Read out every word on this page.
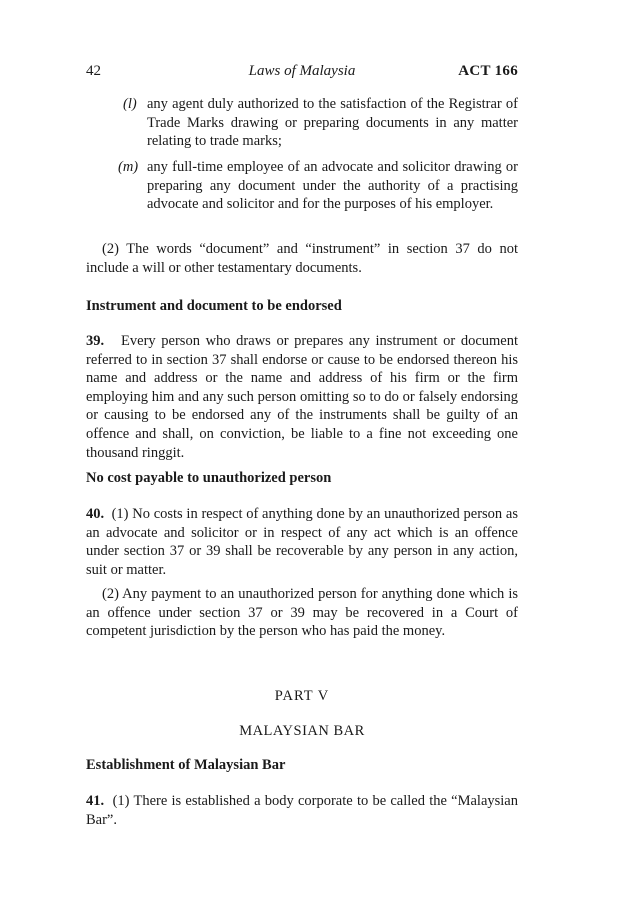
42	Laws of Malaysia	ACT 166
(l) any agent duly authorized to the satisfaction of the Registrar of Trade Marks drawing or preparing documents in any matter relating to trade marks;
(m) any full-time employee of an advocate and solicitor drawing or preparing any document under the authority of a practising advocate and solicitor and for the purposes of his employer.
(2) The words “document” and “instrument” in section 37 do not include a will or other testamentary documents.
Instrument and document to be endorsed
39. Every person who draws or prepares any instrument or document referred to in section 37 shall endorse or cause to be endorsed thereon his name and address or the name and address of his firm or the firm employing him and any such person omitting so to do or falsely endorsing or causing to be endorsed any of the instruments shall be guilty of an offence and shall, on conviction, be liable to a fine not exceeding one thousand ringgit.
No cost payable to unauthorized person
40. (1) No costs in respect of anything done by an unauthorized person as an advocate and solicitor or in respect of any act which is an offence under section 37 or 39 shall be recoverable by any person in any action, suit or matter.
(2) Any payment to an unauthorized person for anything done which is an offence under section 37 or 39 may be recovered in a Court of competent jurisdiction by the person who has paid the money.
PART V
MALAYSIAN BAR
Establishment of Malaysian Bar
41. (1) There is established a body corporate to be called the “Malaysian Bar”.
